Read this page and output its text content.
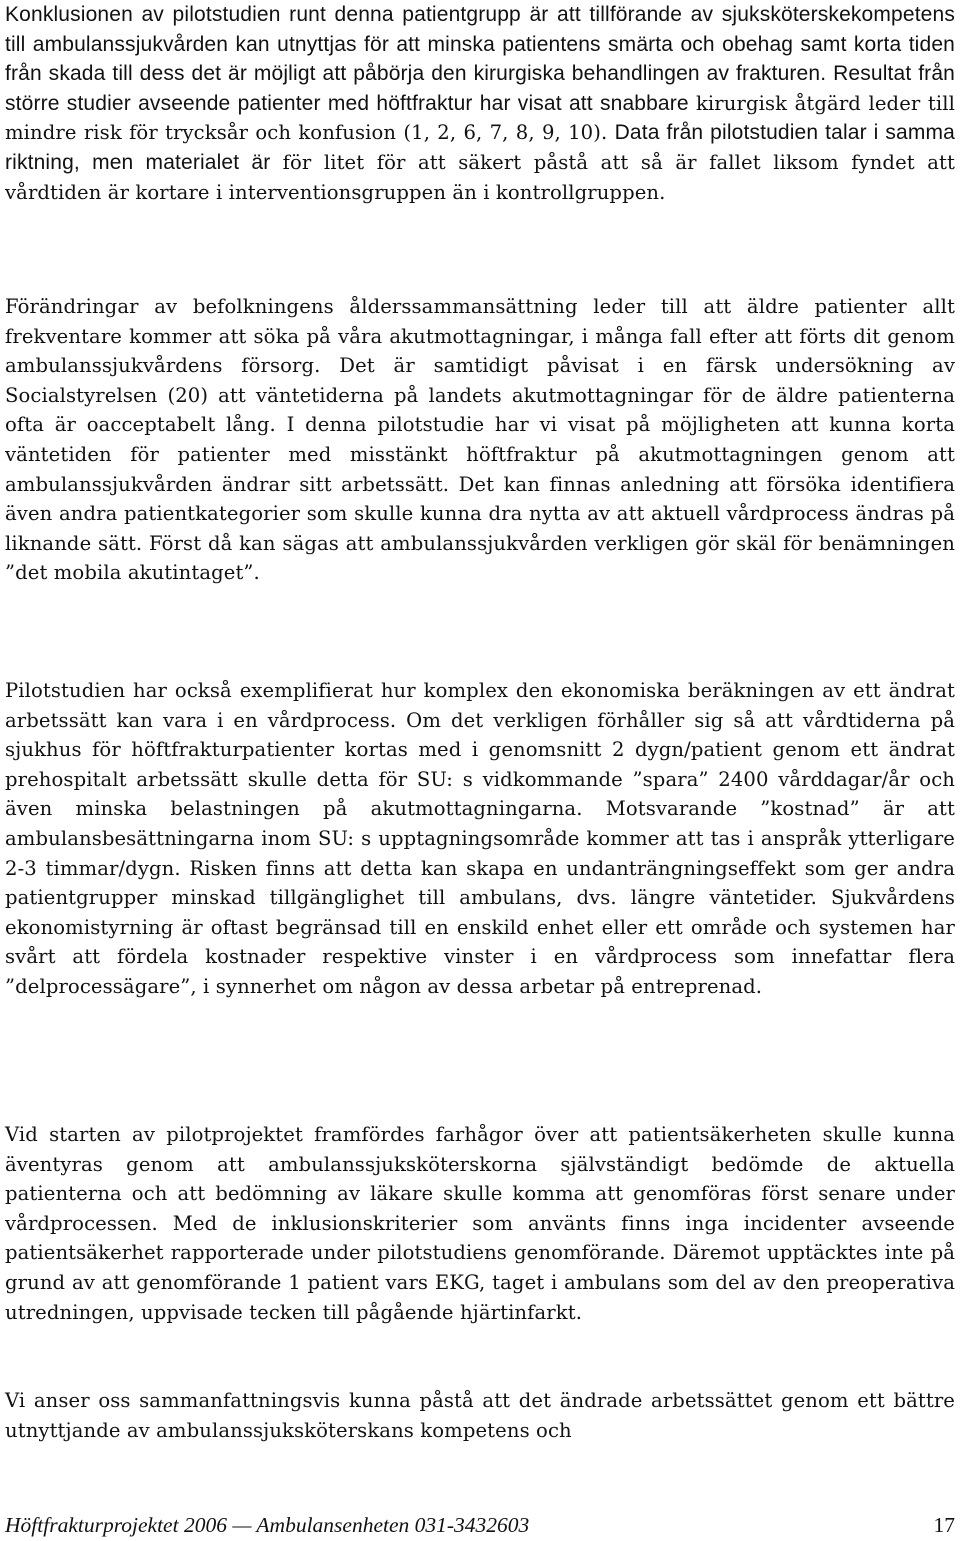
Konklusionen av pilotstudien runt denna patientgrupp är att tillförande av sjuksköterskekompetens till ambulanssjukvården kan utnyttjas för att minska patientens smärta och obehag samt korta tiden från skada till dess det är möjligt att påbörja den kirurgiska behandlingen av frakturen. Resultat från större studier avseende patienter med höftfraktur har visat att snabbare kirurgisk åtgärd leder till mindre risk för trycksår och konfusion (1, 2, 6, 7, 8, 9, 10). Data från pilotstudien talar i samma riktning, men materialet är för litet för att säkert påstå att så är fallet liksom fyndet att vårdtiden är kortare i interventionsgruppen än i kontrollgruppen.

Förändringar av befolkningens ålderssammansättning leder till att äldre patienter allt frekventare kommer att söka på våra akutmottagningar, i många fall efter att förts dit genom ambulanssjukvårdens försorg. Det är samtidigt påvisat i en färsk undersökning av Socialstyrelsen (20) att väntetiderna på landets akutmottagningar för de äldre patienterna ofta är oacceptabelt lång. I denna pilotstudie har vi visat på möjligheten att kunna korta väntetiden för patienter med misstänkt höftfraktur på akutmottagningen genom att ambulanssjukvården ändrar sitt arbetssätt. Det kan finnas anledning att försöka identifiera även andra patientkategorier som skulle kunna dra nytta av att aktuell vårdprocess ändras på liknande sätt. Först då kan sägas att ambulanssjukvården verkligen gör skäl för benämningen ”det mobila akutintaget”.

Pilotstudien har också exemplifierat hur komplex den ekonomiska beräkningen av ett ändrat arbetssätt kan vara i en vårdprocess. Om det verkligen förhåller sig så att vårdtiderna på sjukhus för höftfrakturpatienter kortas med i genomsnitt 2 dygn/patient genom ett ändrat prehospitalt arbetssätt skulle detta för SU: s vidkommande ”spara” 2400 vårddagar/år och även minska belastningen på akutmottagningarna. Motsvarande ”kostnad” är att ambulansbesättningarna inom SU: s upptagningsområde kommer att tas i anspråk ytterligare 2-3 timmar/dygn. Risken finns att detta kan skapa en undanträngningseffekt som ger andra patientgrupper minskad tillgänglighet till ambulans, dvs. längre väntetider. Sjukvårdens ekonomistyrning är oftast begränsad till en enskild enhet eller ett område och systemen har svårt att fördela kostnader respektive vinster i en vårdprocess som innefattar flera ”delprocessägare”, i synnerhet om någon av dessa arbetar på entreprenad.

Vid starten av pilotprojektet framfördes farhågor över att patientsäkerheten skulle kunna äventyras genom att ambulanssjuksköterskorna självständigt bedömde de aktuella patienterna och att bedömning av läkare skulle komma att genomföras först senare under vårdprocessen. Med de inklusionskriterier som använts finns inga incidenter avseende patientsäkerhet rapporterade under pilotstudiens genomförande. Däremot upptäcktes inte på grund av att genomförande 1 patient vars EKG, taget i ambulans som del av den preoperativa utredningen, uppvisade tecken till pågående hjärtinfarkt.

Vi anser oss sammanfattningsvis kunna påstå att det ändrade arbetssättet genom ett bättre utnyttjande av ambulanssjuksköterskans kompetens och

Höftfrakturprojektet 2006 — Ambulansenheten 031-3432603	17
